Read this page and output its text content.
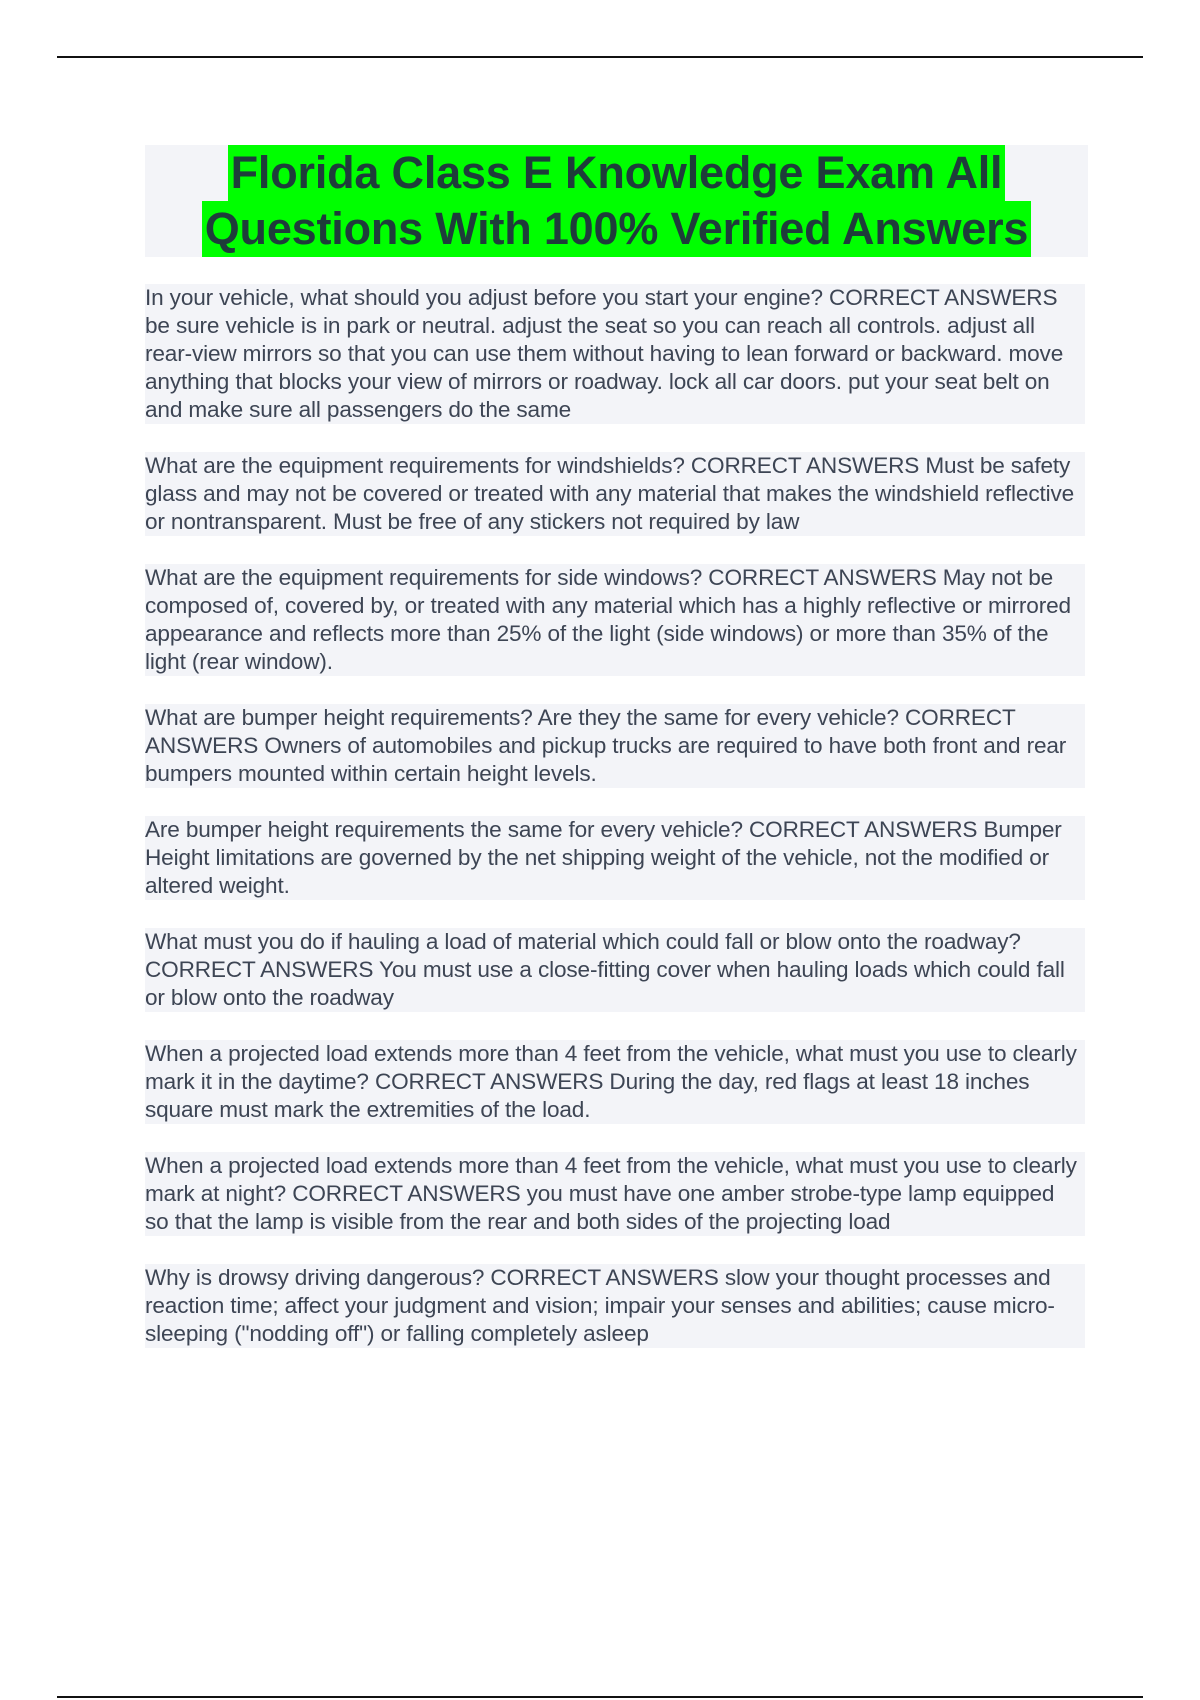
Florida Class E Knowledge Exam All
Questions With 100% Verified Answers

In your vehicle, what should you adjust before you start your engine? CORRECT ANSWERS be sure vehicle is in park or neutral. adjust the seat so you can reach all controls. adjust all rear-view mirrors so that you can use them without having to lean forward or backward. move anything that blocks your view of mirrors or roadway. lock all car doors. put your seat belt on and make sure all passengers do the same

What are the equipment requirements for windshields? CORRECT ANSWERS Must be safety glass and may not be covered or treated with any material that makes the windshield reflective or nontransparent. Must be free of any stickers not required by law

What are the equipment requirements for side windows? CORRECT ANSWERS May not be composed of, covered by, or treated with any material which has a highly reflective or mirrored appearance and reflects more than 25% of the light (side windows) or more than 35% of the light (rear window).

What are bumper height requirements? Are they the same for every vehicle? CORRECT ANSWERS Owners of automobiles and pickup trucks are required to have both front and rear bumpers mounted within certain height levels.

Are bumper height requirements the same for every vehicle? CORRECT ANSWERS Bumper Height limitations are governed by the net shipping weight of the vehicle, not the modified or altered weight.

What must you do if hauling a load of material which could fall or blow onto the roadway? CORRECT ANSWERS You must use a close-fitting cover when hauling loads which could fall or blow onto the roadway

When a projected load extends more than 4 feet from the vehicle, what must you use to clearly mark it in the daytime? CORRECT ANSWERS During the day, red flags at least 18 inches square must mark the extremities of the load.

When a projected load extends more than 4 feet from the vehicle, what must you use to clearly mark at night? CORRECT ANSWERS you must have one amber strobe-type lamp equipped so that the lamp is visible from the rear and both sides of the projecting load

Why is drowsy driving dangerous? CORRECT ANSWERS slow your thought processes and reaction time; affect your judgment and vision; impair your senses and abilities; cause micro-sleeping ("nodding off") or falling completely asleep
